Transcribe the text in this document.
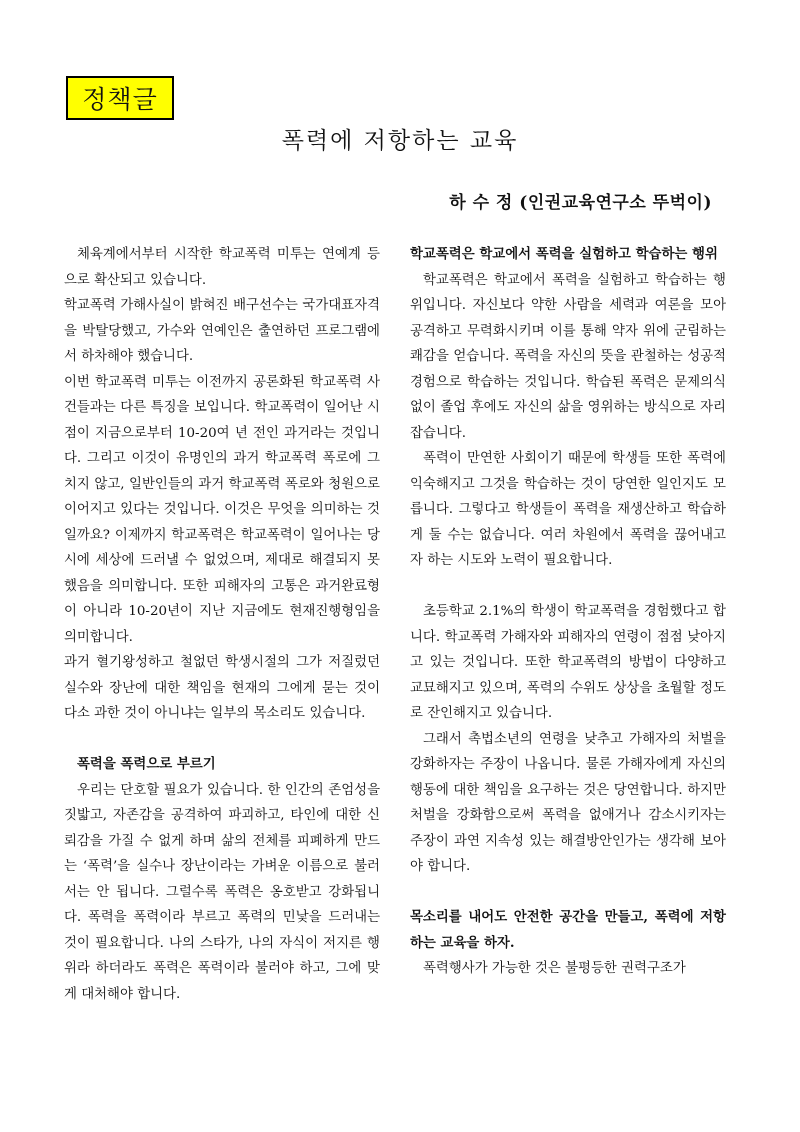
정책글
폭력에 저항하는 교육
하 수 정 (인권교육연구소 뚜벅이)

체육계에서부터 시작한 학교폭력 미투는 연예계 등으로 확산되고 있습니다.

학교폭력 가해사실이 밝혀진 배구선수는 국가대표자격을 박탈당했고, 가수와 연예인은 출연하던 프로그램에서 하차해야 했습니다.

이번 학교폭력 미투는 이전까지 공론화된 학교폭력 사건들과는 다른 특징을 보입니다. 학교폭력이 일어난 시점이 지금으로부터 10-20여 년 전인 과거라는 것입니다. 그리고 이것이 유명인의 과거 학교폭력 폭로에 그치지 않고, 일반인들의 과거 학교폭력 폭로와 청원으로 이어지고 있다는 것입니다. 이것은 무엇을 의미하는 것일까요? 이제까지 학교폭력은 학교폭력이 일어나는 당시에 세상에 드러낼 수 없었으며, 제대로 해결되지 못했음을 의미합니다. 또한 피해자의 고통은 과거완료형이 아니라 10-20년이 지난 지금에도 현재진행형임을 의미합니다.

과거 혈기왕성하고 철없던 학생시절의 그가 저질렀던 실수와 장난에 대한 책임을 현재의 그에게 묻는 것이 다소 과한 것이 아니냐는 일부의 목소리도 있습니다.

폭력을 폭력으로 부르기

우리는 단호할 필요가 있습니다. 한 인간의 존엄성을 짓밟고, 자존감을 공격하여 파괴하고, 타인에 대한 신뢰감을 가질 수 없게 하며 삶의 전체를 피폐하게 만드는 ‘폭력’을 실수나 장난이라는 가벼운 이름으로 불러서는 안 됩니다. 그럴수록 폭력은 옹호받고 강화됩니다. 폭력을 폭력이라 부르고 폭력의 민낯을 드러내는 것이 필요합니다. 나의 스타가, 나의 자식이 저지른 행위라 하더라도 폭력은 폭력이라 불러야 하고, 그에 맞게 대처해야 합니다.

학교폭력은 학교에서 폭력을 실험하고 학습하는 행위

학교폭력은 학교에서 폭력을 실험하고 학습하는 행위입니다. 자신보다 약한 사람을 세력과 여론을 모아 공격하고 무력화시키며 이를 통해 약자 위에 군림하는 쾌감을 얻습니다. 폭력을 자신의 뜻을 관철하는 성공적 경험으로 학습하는 것입니다. 학습된 폭력은 문제의식 없이 졸업 후에도 자신의 삶을 영위하는 방식으로 자리잡습니다.

폭력이 만연한 사회이기 때문에 학생들 또한 폭력에 익숙해지고 그것을 학습하는 것이 당연한 일인지도 모릅니다. 그렇다고 학생들이 폭력을 재생산하고 학습하게 둘 수는 없습니다. 여러 차원에서 폭력을 끊어내고자 하는 시도와 노력이 필요합니다.

초등학교 2.1%의 학생이 학교폭력을 경험했다고 합니다. 학교폭력 가해자와 피해자의 연령이 점점 낮아지고 있는 것입니다. 또한 학교폭력의 방법이 다양하고 교묘해지고 있으며, 폭력의 수위도 상상을 초월할 정도로 잔인해지고 있습니다.

그래서 촉법소년의 연령을 낮추고 가해자의 처벌을 강화하자는 주장이 나옵니다. 물론 가해자에게 자신의 행동에 대한 책임을 요구하는 것은 당연합니다. 하지만 처벌을 강화함으로써 폭력을 없애거나 감소시키자는 주장이 과연 지속성 있는 해결방안인가는 생각해 보아야 합니다.

목소리를 내어도 안전한 공간을 만들고, 폭력에 저항하는 교육을 하자.

폭력행사가 가능한 것은 불평등한 권력구조가
